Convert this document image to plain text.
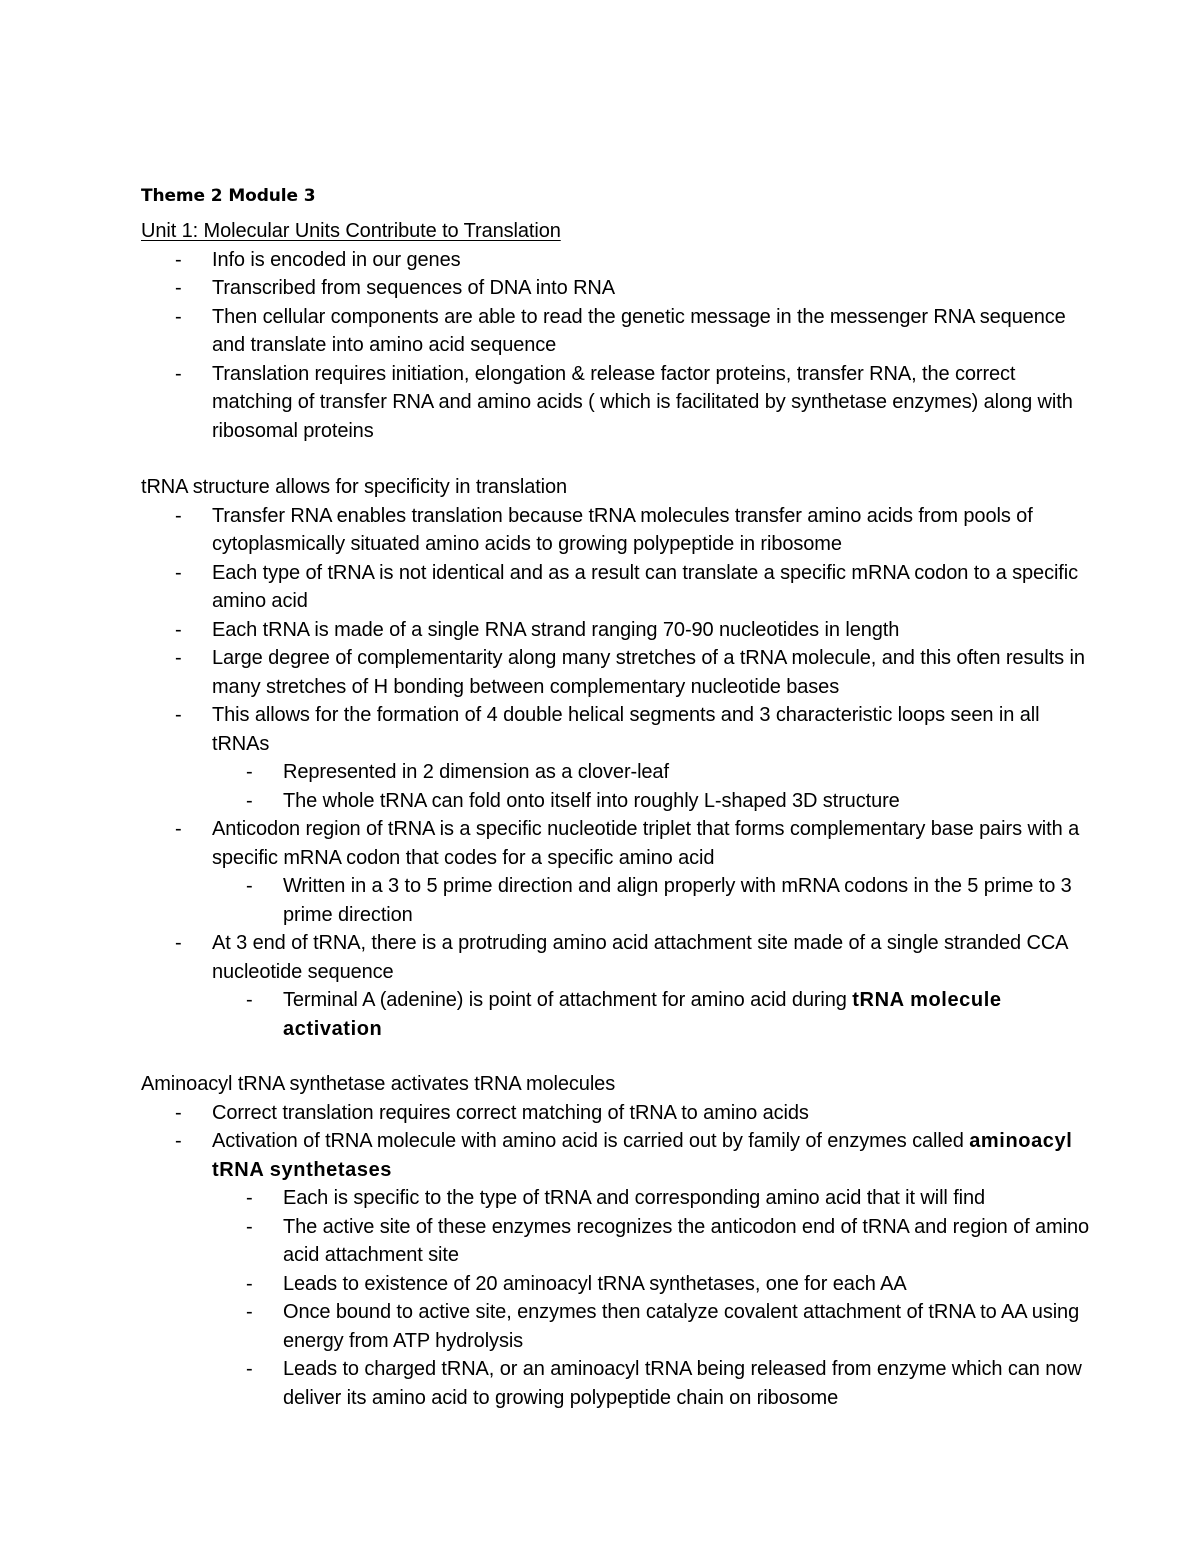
Theme 2 Module 3
Unit 1: Molecular Units Contribute to Translation
-	Info is encoded in our genes
-	Transcribed from sequences of DNA into RNA
-	Then cellular components are able to read the genetic message in the messenger RNA sequence and translate into amino acid sequence
-	Translation requires initiation, elongation & release factor proteins, transfer RNA, the correct matching of transfer RNA and amino acids ( which is facilitated by synthetase enzymes) along with ribosomal proteins
tRNA structure allows for specificity in translation
-	Transfer RNA enables translation because tRNA molecules transfer amino acids from pools of cytoplasmically situated amino acids to growing polypeptide in ribosome
-	Each type of tRNA is not identical and as a result can translate a specific mRNA codon to a specific amino acid
-	Each tRNA is made of a single RNA strand ranging 70-90 nucleotides in length
-	Large degree of complementarity along many stretches of a tRNA molecule, and this often results in many stretches of H bonding between complementary nucleotide bases
-	This allows for the formation of 4 double helical segments and 3 characteristic loops seen in all tRNAs
-	Represented in 2 dimension as a clover-leaf
-	The whole tRNA can fold onto itself into roughly L-shaped 3D structure
-	Anticodon region of tRNA is a specific nucleotide triplet that forms complementary base pairs with a specific mRNA codon that codes for a specific amino acid
-	Written in a 3 to 5 prime direction and align properly with mRNA codons in the 5 prime to 3 prime direction
-	At 3 end of tRNA, there is a protruding amino acid attachment site made of a single stranded CCA nucleotide sequence
-	Terminal A (adenine) is point of attachment for amino acid during tRNA molecule activation
Aminoacyl tRNA synthetase activates tRNA molecules
-	Correct translation requires correct matching of tRNA to amino acids
-	Activation of tRNA molecule with amino acid is carried out by family of enzymes called aminoacyl tRNA synthetases
-	Each is specific to the type of tRNA and corresponding amino acid that it will find
-	The active site of these enzymes recognizes the anticodon end of tRNA and region of amino acid attachment site
-	Leads to existence of 20 aminoacyl tRNA synthetases, one for each AA
-	Once bound to active site, enzymes then catalyze covalent attachment of tRNA to AA using energy from ATP hydrolysis
-	Leads to charged tRNA, or an aminoacyl tRNA being released from enzyme which can now deliver its amino acid to growing polypeptide chain on ribosome
